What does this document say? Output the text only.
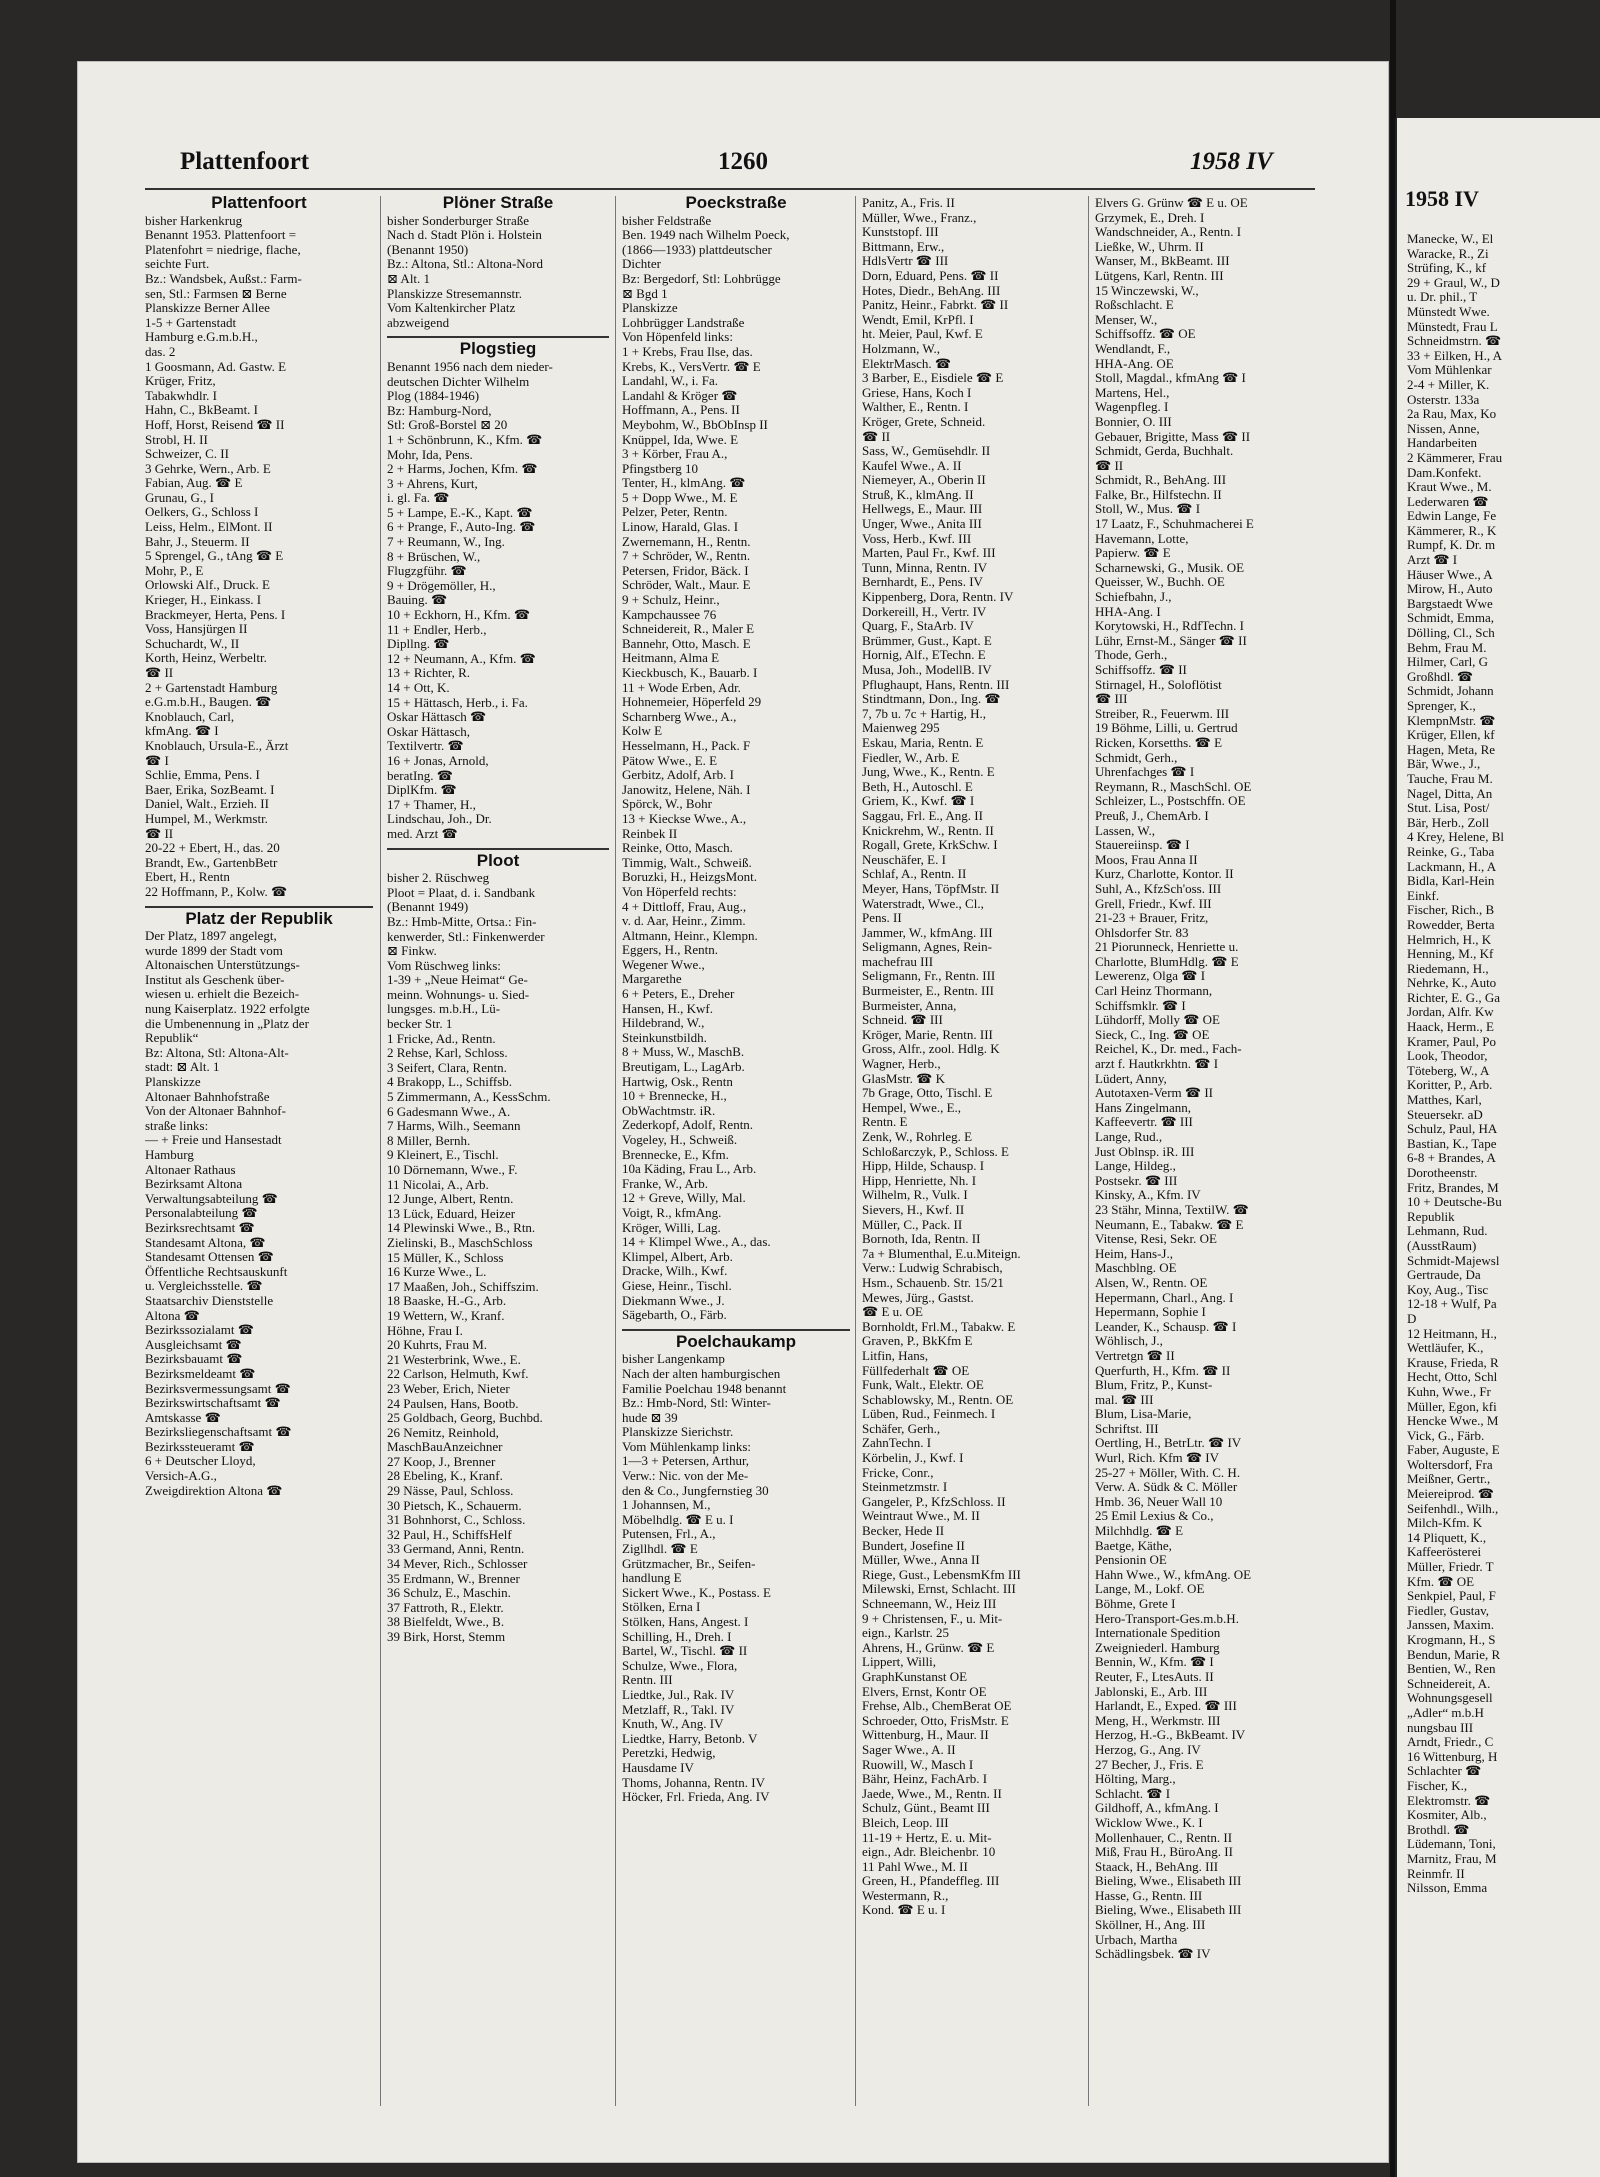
Plattenfoort	1260	1958 IV
1958 IV
Plattenfoort
bisher Harkenkrug
Benannt 1953. Plattenfoort =
Platenfohrt = niedrige, flache,
seichte Furt.
Bz.: Wandsbek, Außst.: Farm-
sen, Stl.: Farmsen ⊠ Berne
Planskizze Berner Allee
1-5 + Gartenstadt
Hamburg e.G.m.b.H.,
das. 2
1 Goosmann, Ad. Gastw. E
Krüger, Fritz,
Tabakwhdlr. I
Hahn, C., BkBeamt. I
Hoff, Horst, Reisend ☎ II
Strobl, H. II
Schweizer, C. II
3 Gehrke, Wern., Arb. E
Fabian, Aug. ☎ E
Grunau, G., I
Oelkers, G., Schloss I
Leiss, Helm., ElMont. II
Bahr, J., Steuerm. II
5 Sprengel, G., tAng ☎ E
Mohr, P., E
Orlowski Alf., Druck. E
Krieger, H., Einkass. I
Brackmeyer, Herta, Pens. I
Voss, Hansjürgen II
Schuchardt, W., II
Korth, Heinz, Werbeltr.
☎ II
2 + Gartenstadt Hamburg
e.G.m.b.H., Baugen. ☎
Knoblauch, Carl,
kfmAng. ☎ I
Knoblauch, Ursula-E., Ärzt
☎ I
Schlie, Emma, Pens. I
Baer, Erika, SozBeamt. I
Daniel, Walt., Erzieh. II
Humpel, M., Werkmstr.
☎ II
20-22 + Ebert, H., das. 20
Brandt, Ew., GartenbBetr
Ebert, H., Rentn
22 Hoffmann, P., Kolw. ☎
Platz der Republik
Der Platz, 1897 angelegt,
wurde 1899 der Stadt vom
Altonaischen Unterstützungs-
Institut als Geschenk über-
wiesen u. erhielt die Bezeich-
nung Kaiserplatz. 1922 erfolgte
die Umbenennung in „Platz der
Republik“
Bz: Altona, Stl: Altona-Alt-
stadt: ⊠ Alt. 1
Planskizze
Altonaer Bahnhofstraße
Von der Altonaer Bahnhof-
straße links:
— + Freie und Hansestadt
Hamburg
Altonaer Rathaus
Bezirksamt Altona
Verwaltungsabteilung ☎
Personalabteilung ☎
Bezirksrechtsamt ☎
Standesamt Altona, ☎
Standesamt Ottensen ☎
Öffentliche Rechtsauskunft
u. Vergleichsstelle. ☎
Staatsarchiv Dienststelle
Altona ☎
Bezirkssozialamt ☎
Ausgleichsamt ☎
Bezirksbauamt ☎
Bezirksmeldeamt ☎
Bezirksvermessungsamt ☎
Bezirkswirtschaftsamt ☎
Amtskasse ☎
Bezirksliegenschaftsamt ☎
Bezirkssteueramt ☎
6 + Deutscher Lloyd,
Versich-A.G.,
Zweigdirektion Altona ☎
Plöner Straße
bisher Sonderburger Straße
Nach d. Stadt Plön i. Holstein
(Benannt 1950)
Bz.: Altona, Stl.: Altona-Nord
⊠ Alt. 1
Planskizze Stresemannstr.
Vom Kaltenkircher Platz
abzweigend
Plogstieg
Benannt 1956 nach dem nieder-
deutschen Dichter Wilhelm
Plog (1884-1946)
Bz: Hamburg-Nord,
Stl: Groß-Borstel ⊠ 20
1 + Schönbrunn, K., Kfm. ☎
Mohr, Ida, Pens.
2 + Harms, Jochen, Kfm. ☎
3 + Ahrens, Kurt,
i. gl. Fa. ☎
5 + Lampe, E.-K., Kapt. ☎
6 + Prange, F., Auto-Ing. ☎
7 + Reumann, W., Ing.
8 + Brüschen, W.,
Flugzgführ. ☎
9 + Drögemöller, H.,
Bauing. ☎
10 + Eckhorn, H., Kfm. ☎
11 + Endler, Herb.,
Dipllng. ☎
12 + Neumann, A., Kfm. ☎
13 + Richter, R.
14 + Ott, K.
15 + Hättasch, Herb., i. Fa.
Oskar Hättasch ☎
Oskar Hättasch,
Textilvertr. ☎
16 + Jonas, Arnold,
beratIng. ☎
DiplKfm. ☎
17 + Thamer, H.,
Lindschau, Joh., Dr.
med. Arzt ☎
Ploot
bisher 2. Rüschweg
Ploot = Plaat, d. i. Sandbank
(Benannt 1949)
Bz.: Hmb-Mitte, Ortsa.: Fin-
kenwerder, Stl.: Finkenwerder
⊠ Finkw.
Vom Rüschweg links:
1-39 + „Neue Heimat“ Ge-
meinn. Wohnungs- u. Sied-
lungsges. m.b.H., Lü-
becker Str. 1
1 Fricke, Ad., Rentn.
2 Rehse, Karl, Schloss.
3 Seifert, Clara, Rentn.
4 Brakopp, L., Schiffsb.
5 Zimmermann, A., KessSchm.
6 Gadesmann Wwe., A.
7 Harms, Wilh., Seemann
8 Miller, Bernh.
9 Kleinert, E., Tischl.
10 Dörnemann, Wwe., F.
11 Nicolai, A., Arb.
12 Junge, Albert, Rentn.
13 Lück, Eduard, Heizer
14 Plewinski Wwe., B., Rtn.
Zielinski, B., MaschSchloss
15 Müller, K., Schloss
16 Kurze Wwe., L.
17 Maaßen, Joh., Schiffszim.
18 Baaske, H.-G., Arb.
19 Wettern, W., Kranf.
Höhne, Frau I.
20 Kuhrts, Frau M.
21 Westerbrink, Wwe., E.
22 Carlson, Helmuth, Kwf.
23 Weber, Erich, Nieter
24 Paulsen, Hans, Bootb.
25 Goldbach, Georg, Buchbd.
26 Nemitz, Reinhold,
MaschBauAnzeichner
27 Koop, J., Brenner
28 Ebeling, K., Kranf.
29 Nässe, Paul, Schloss.
30 Pietsch, K., Schauerm.
31 Bohnhorst, C., Schloss.
32 Paul, H., SchiffsHelf
33 Germand, Anni, Rentn.
34 Mever, Rich., Schlosser
35 Erdmann, W., Brenner
36 Schulz, E., Maschin.
37 Fattroth, R., Elektr.
38 Bielfeldt, Wwe., B.
39 Birk, Horst, Stemm
Poeckstraße
bisher Feldstraße
Ben. 1949 nach Wilhelm Poeck,
(1866—1933) plattdeutscher
Dichter
Bz: Bergedorf, Stl: Lohbrügge
⊠ Bgd 1
Planskizze
Lohbrügger Landstraße
Von Höpenfeld links:
1 + Krebs, Frau Ilse, das.
Krebs, K., VersVertr. ☎ E
Landahl, W., i. Fa.
Landahl & Kröger ☎
Hoffmann, A., Pens. II
Meybohm, W., BbObInsp II
Knüppel, Ida, Wwe. E
3 + Körber, Frau A.,
Pfingstberg 10
Tenter, H., klmAng. ☎
5 + Dopp Wwe., M. E
Pelzer, Peter, Rentn.
Linow, Harald, Glas. I
Zwernemann, H., Rentn.
7 + Schröder, W., Rentn.
Petersen, Fridor, Bäck. I
Schröder, Walt., Maur. E
9 + Schulz, Heinr.,
Kampchaussee 76
Schneidereit, R., Maler E
Bannehr, Otto, Masch. E
Heitmann, Alma E
Kieckbusch, K., Bauarb. I
11 + Wode Erben, Adr.
Hohnemeier, Höperfeld 29
Scharnberg Wwe., A.,
Kolw E
Hesselmann, H., Pack. F
Pätow Wwe., E. E
Gerbitz, Adolf, Arb. I
Janowitz, Helene, Näh. I
Spörck, W., Bohr
13 + Kieckse Wwe., A.,
Reinbek II
Reinke, Otto, Masch.
Timmig, Walt., Schweiß.
Boruzki, H., HeizgsMont.
Von Höperfeld rechts:
4 + Dittloff, Frau, Aug.,
v. d. Aar, Heinr., Zimm.
Altmann, Heinr., Klempn.
Eggers, H., Rentn.
Wegener Wwe.,
Margarethe
6 + Peters, E., Dreher
Hansen, H., Kwf.
Hildebrand, W.,
Steinkunstbildh.
8 + Muss, W., MaschB.
Breutigam, L., LagArb.
Hartwig, Osk., Rentn
10 + Brennecke, H.,
ObWachtmstr. iR.
Zederkopf, Adolf, Rentn.
Vogeley, H., Schweiß.
Brennecke, E., Kfm.
10a Käding, Frau L., Arb.
Franke, W., Arb.
12 + Greve, Willy, Mal.
Voigt, R., kfmAng.
Kröger, Willi, Lag.
14 + Klimpel Wwe., A., das.
Klimpel, Albert, Arb.
Dracke, Wilh., Kwf.
Giese, Heinr., Tischl.
Diekmann Wwe., J.
Sägebarth, O., Färb.
Poelchaukamp
bisher Langenkamp
Nach der alten hamburgischen
Familie Poelchau 1948 benannt
Bz.: Hmb-Nord, Stl: Winter-
hude ⊠ 39
Planskizze Sierichstr.
Vom Mühlenkamp links:
1—3 + Petersen, Arthur,
Verw.: Nic. von der Me-
den & Co., Jungfernstieg 30
1 Johannsen, M.,
Möbelhdlg. ☎ E u. I
Putensen, Frl., A.,
Zigllhdl. ☎ E
Grützmacher, Br., Seifen-
handlung E
Sickert Wwe., K., Postass. E
Stölken, Erna I
Stölken, Hans, Angest. I
Schilling, H., Dreh. I
Bartel, W., Tischl. ☎ II
Schulze, Wwe., Flora,
Rentn. III
Liedtke, Jul., Rak. IV
Metzlaff, R., Takl. IV
Knuth, W., Ang. IV
Liedtke, Harry, Betonb. V
Peretzki, Hedwig,
Hausdame IV
Thoms, Johanna, Rentn. IV
Höcker, Frl. Frieda, Ang. IV
Panitz, A., Fris. II
Müller, Wwe., Franz.,
Kunststopf. III
Bittmann, Erw.,
HdlsVertr ☎ III
Dorn, Eduard, Pens. ☎ II
Hotes, Diedr., BehAng. III
Panitz, Heinr., Fabrkt. ☎ II
Wendt, Emil, KrPfl. I
ht. Meier, Paul, Kwf. E
Holzmann, W.,
ElektrMasch. ☎
3 Barber, E., Eisdiele ☎ E
Griese, Hans, Koch I
Walther, E., Rentn. I
Kröger, Grete, Schneid.
☎ II
Sass, W., Gemüsehdlr. II
Kaufel Wwe., A. II
Niemeyer, A., Oberin II
Struß, K., klmAng. II
Hellwegs, E., Maur. III
Unger, Wwe., Anita III
Voss, Herb., Kwf. III
Marten, Paul Fr., Kwf. III
Tunn, Minna, Rentn. IV
Bernhardt, E., Pens. IV
Kippenberg, Dora, Rentn. IV
Dorkereill, H., Vertr. IV
Quarg, F., StaArb. IV
Brümmer, Gust., Kapt. E
Hornig, Alf., ETechn. E
Musa, Joh., ModellB. IV
Pflughaupt, Hans, Rentn. III
Stindtmann, Don., Ing. ☎
7, 7b u. 7c + Hartig, H.,
Maienweg 295
Eskau, Maria, Rentn. E
Fiedler, W., Arb. E
Jung, Wwe., K., Rentn. E
Beth, H., Autoschl. E
Griem, K., Kwf. ☎ I
Saggau, Frl. E., Ang. II
Knickrehm, W., Rentn. II
Rogall, Grete, KrkSchw. I
Neuschäfer, E. I
Schlaf, A., Rentn. II
Meyer, Hans, TöpfMstr. II
Waterstradt, Wwe., Cl.,
Pens. II
Jammer, W., kfmAng. III
Seligmann, Agnes, Rein-
machefrau III
Seligmann, Fr., Rentn. III
Burmeister, E., Rentn. III
Burmeister, Anna,
Schneid. ☎ III
Kröger, Marie, Rentn. III
Gross, Alfr., zool. Hdlg. K
Wagner, Herb.,
GlasMstr. ☎ K
7b Grage, Otto, Tischl. E
Hempel, Wwe., E.,
Rentn. E
Zenk, W., Rohrleg. E
Schloßarczyk, P., Schloss. E
Hipp, Hilde, Schausp. I
Hipp, Henriette, Nh. I
Wilhelm, R., Vulk. I
Sievers, H., Kwf. II
Müller, C., Pack. II
Bornoth, Ida, Rentn. II
7a + Blumenthal, E.u.Miteign.
Verw.: Ludwig Schrabisch,
Hsm., Schauenb. Str. 15/21
Mewes, Jürg., Gastst.
☎ E u. OE
Bornholdt, Frl.M., Tabakw. E
Graven, P., BkKfm E
Litfin, Hans,
Füllfederhalt ☎ OE
Funk, Walt., Elektr. OE
Schablowsky, M., Rentn. OE
Lüben, Rud., Feinmech. I
Schäfer, Gerh.,
ZahnTechn. I
Körbelin, J., Kwf. I
Fricke, Conr.,
Steinmetzmstr. I
Gangeler, P., KfzSchloss. II
Weintraut Wwe., M. II
Becker, Hede II
Bundert, Josefine II
Müller, Wwe., Anna II
Riege, Gust., LebensmKfm III
Milewski, Ernst, Schlacht. III
Schneemann, W., Heiz III
9 + Christensen, F., u. Mit-
eign., Karlstr. 25
Ahrens, H., Grünw. ☎ E
Lippert, Willi,
GraphKunstanst OE
Elvers, Ernst, Kontr OE
Frehse, Alb., ChemBerat OE
Schroeder, Otto, FrisMstr. E
Wittenburg, H., Maur. II
Sager Wwe., A. II
Ruowill, W., Masch I
Bähr, Heinz, FachArb. I
Jaede, Wwe., M., Rentn. II
Schulz, Günt., Beamt III
Bleich, Leop. III
11-19 + Hertz, E. u. Mit-
eign., Adr. Bleichenbr. 10
11 Pahl Wwe., M. II
Green, H., Pfandeffleg. III
Westermann, R.,
Kond. ☎ E u. I
Elvers G. Grünw ☎ E u. OE
Grzymek, E., Dreh. I
Wandschneider, A., Rentn. I
Ließke, W., Uhrm. II
Wanser, M., BkBeamt. III
Lütgens, Karl, Rentn. III
15 Winczewski, W.,
Roßschlacht. E
Menser, W.,
Schiffsoffz. ☎ OE
Wendlandt, F.,
HHA-Ang. OE
Stoll, Magdal., kfmAng ☎ I
Martens, Hel.,
Wagenpfleg. I
Bonnier, O. III
Gebauer, Brigitte, Mass ☎ II
Schmidt, Gerda, Buchhalt.
☎ II
Schmidt, R., BehAng. III
Falke, Br., Hilfstechn. II
Stoll, W., Mus. ☎ I
17 Laatz, F., Schuhmacherei E
Havemann, Lotte,
Papierw. ☎ E
Scharnewski, G., Musik. OE
Queisser, W., Buchh. OE
Schiefbahn, J.,
HHA-Ang. I
Korytowski, H., RdfTechn. I
Lühr, Ernst-M., Sänger ☎ II
Thode, Gerh.,
Schiffsoffz. ☎ II
Stirnagel, H., Soloflötist
☎ III
Streiber, R., Feuerwm. III
19 Böhme, Lilli, u. Gertrud
Ricken, Korsetths. ☎ E
Schmidt, Gerh.,
Uhrenfachges ☎ I
Reymann, R., MaschSchl. OE
Schleizer, L., Postschffn. OE
Preuß, J., ChemArb. I
Lassen, W.,
Stauereiinsp. ☎ I
Moos, Frau Anna II
Kurz, Charlotte, Kontor. II
Suhl, A., KfzSch'oss. III
Grell, Friedr., Kwf. III
21-23 + Brauer, Fritz,
Ohlsdorfer Str. 83
21 Piorunneck, Henriette u.
Charlotte, BlumHdlg. ☎ E
Lewerenz, Olga ☎ I
Carl Heinz Thormann,
Schiffsmklr. ☎ I
Lühdorff, Molly ☎ OE
Sieck, C., Ing. ☎ OE
Reichel, K., Dr. med., Fach-
arzt f. Hautkrkhtn. ☎ I
Lüdert, Anny,
Autotaxen-Verm ☎ II
Hans Zingelmann,
Kaffeevertr. ☎ III
Lange, Rud.,
Just Oblnsp. iR. III
Lange, Hildeg.,
Postsekr. ☎ III
Kinsky, A., Kfm. IV
23 Stähr, Minna, TextilW. ☎
Neumann, E., Tabakw. ☎ E
Vitense, Resi, Sekr. OE
Heim, Hans-J.,
Maschblng. OE
Alsen, W., Rentn. OE
Hepermann, Charl., Ang. I
Hepermann, Sophie I
Leander, K., Schausp. ☎ I
Wöhlisch, J.,
Vertretgn ☎ II
Querfurth, H., Kfm. ☎ II
Blum, Fritz, P., Kunst-
mal. ☎ III
Blum, Lisa-Marie,
Schriftst. III
Oertling, H., BetrLtr. ☎ IV
Wurl, Rich. Kfm ☎ IV
25-27 + Möller, With. C. H.
Verw. A. Südk & C. Möller
Hmb. 36, Neuer Wall 10
25 Emil Lexius & Co.,
Milchhdlg. ☎ E
Baetge, Käthe,
Pensionin OE
Hahn Wwe., W., kfmAng. OE
Lange, M., Lokf. OE
Böhme, Grete I
Hero-Transport-Ges.m.b.H.
Internationale Spedition
Zweigniederl. Hamburg
Bennin, W., Kfm. ☎ I
Reuter, F., LtesAuts. II
Jablonski, E., Arb. III
Harlandt, E., Exped. ☎ III
Meng, H., Werkmstr. III
Herzog, H.-G., BkBeamt. IV
Herzog, G., Ang. IV
27 Becher, J., Fris. E
Hölting, Marg.,
Schlacht. ☎ I
Gildhoff, A., kfmAng. I
Wicklow Wwe., K. I
Mollenhauer, C., Rentn. II
Miß, Frau H., BüroAng. II
Staack, H., BehAng. III
Bieling, Wwe., Elisabeth III
Hasse, G., Rentn. III
Bieling, Wwe., Elisabeth III
Sköllner, H., Ang. III
Urbach, Martha
Schädlingsbek. ☎ IV
Manecke, W., El
Waracke, R., Zi
Strüfing, K., kf
29 + Graul, W., D
u. Dr. phil., T
Münstedt Wwe.
Münstedt, Frau L
Schneidmstrn. ☎
33 + Eilken, H., A
Vom Mühlenkar
2-4 + Miller, K.
Osterstr. 133a
2a Rau, Max, Ko
Nissen, Anne,
Handarbeiten
2 Kämmerer, Frau
Dam.Konfekt.
Kraut Wwe., M.
Lederwaren ☎
Edwin Lange, Fe
Kämmerer, R., K
Rumpf, K. Dr. m
Arzt ☎ I
Häuser Wwe., A
Mirow, H., Auto
Bargstaedt Wwe
Schmidt, Emma,
Dölling, Cl., Sch
Behm, Frau M.
Hilmer, Carl, G
Großhdl. ☎
Schmidt, Johann
Sprenger, K.,
KlempnMstr. ☎
Krüger, Ellen, kf
Hagen, Meta, Re
Bär, Wwe., J.,
Tauche, Frau M.
Nagel, Ditta, An
Stut. Lisa, Post/
Bär, Herb., Zoll
4 Krey, Helene, Bl
Reinke, G., Taba
Lackmann, H., A
Bidla, Karl-Hein
Einkf.
Fischer, Rich., B
Rowedder, Berta
Helmrich, H., K
Henning, M., Kf
Riedemann, H.,
Nehrke, K., Auto
Richter, E. G., Ga
Jordan, Alfr. Kw
Haack, Herm., E
Kramer, Paul, Po
Look, Theodor,
Töteberg, W., A
Koritter, P., Arb.
Matthes, Karl,
Steuersekr. aD
Schulz, Paul, HA
Bastian, K., Tape
6-8 + Brandes, A
Dorotheenstr.
Fritz, Brandes, M
10 + Deutsche-Bu
Republik
Lehmann, Rud.
(AusstRaum)
Schmidt-Majewsl
Gertraude, Da
Koy, Aug., Tisc
12-18 + Wulf, Pa
D
12 Heitmann, H.,
Wettläufer, K.,
Krause, Frieda, R
Hecht, Otto, Schl
Kuhn, Wwe., Fr
Müller, Egon, kfi
Hencke Wwe., M
Vick, G., Färb.
Faber, Auguste, E
Woltersdorf, Fra
Meißner, Gertr.,
Meiereiprod. ☎
Seifenhdl., Wilh.,
Milch-Kfm. K
14 Pliquett, K.,
Kaffeerösterei
Müller, Friedr. T
Kfm. ☎ OE
Senkpiel, Paul, F
Fiedler, Gustav,
Janssen, Maxim.
Krogmann, H., S
Bendun, Marie, R
Bentien, W., Ren
Schneidereit, A.
Wohnungsgesell
„Adler“ m.b.H
nungsbau III
Arndt, Friedr., C
16 Wittenburg, H
Schlachter ☎
Fischer, K.,
Elektromstr. ☎
Kosmiter, Alb.,
Brothdl. ☎
Lüdemann, Toni,
Marnitz, Frau, M
Reinmfr. II
Nilsson, Emma
